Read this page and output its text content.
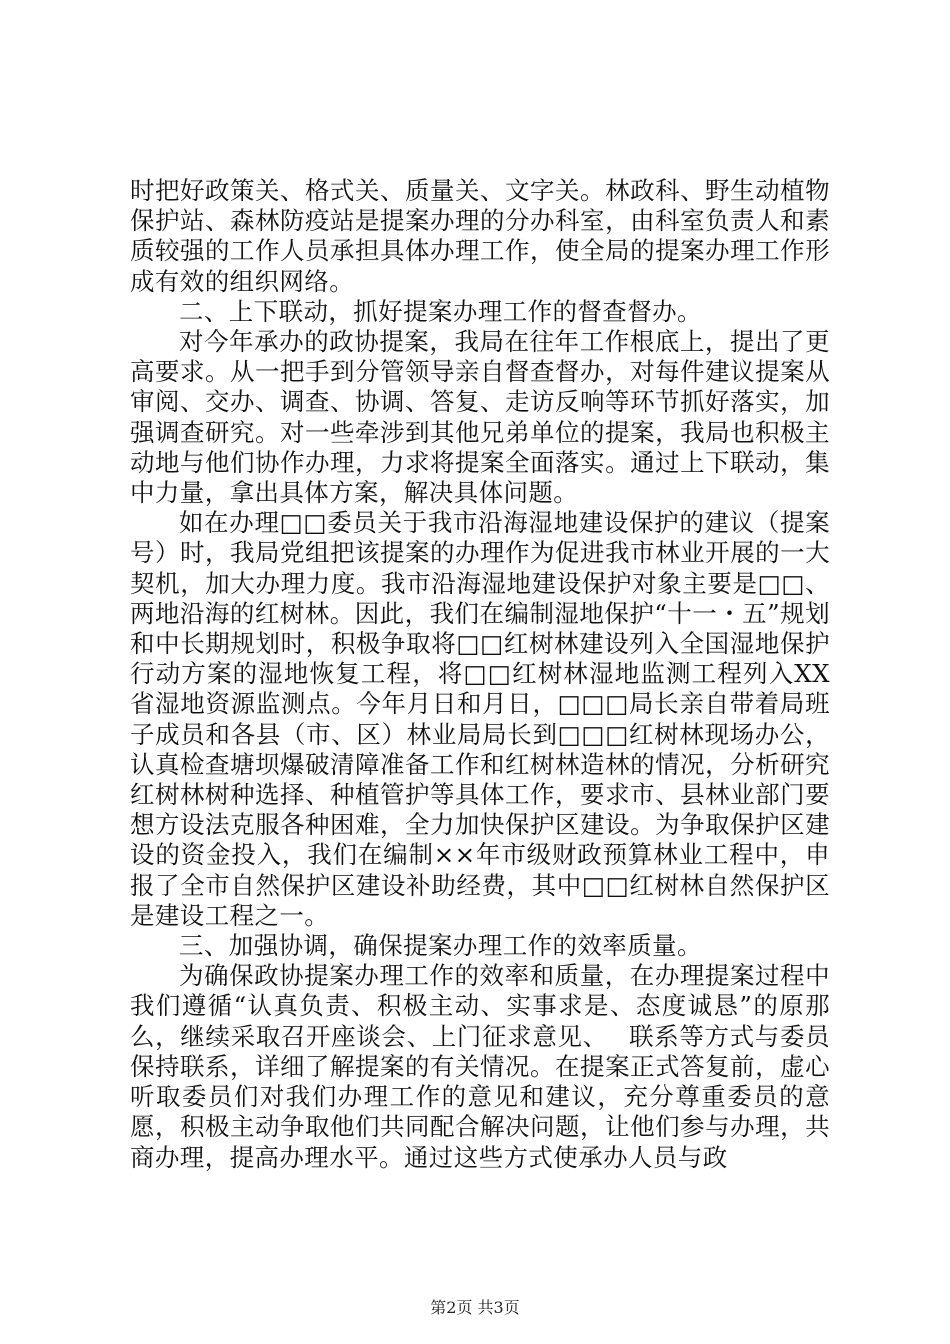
时把好政策关、格式关、质量关、文字关。林政科、野生动植物保护站、森林防疫站是提案办理的分办科室，由科室负责人和素质较强的工作人员承担具体办理工作，使全局的提案办理工作形成有效的组织网络。

二、上下联动，抓好提案办理工作的督查督办。

对今年承办的政协提案，我局在往年工作根底上，提出了更高要求。从一把手到分管领导亲自督查督办，对每件建议提案从审阅、交办、调查、协调、答复、走访反响等环节抓好落实，加强调查研究。对一些牵涉到其他兄弟单位的提案，我局也积极主动地与他们协作办理，力求将提案全面落实。通过上下联动，集中力量，拿出具体方案，解决具体问题。

如在办理□□委员关于我市沿海湿地建设保护的建议（提案号）时，我局党组把该提案的办理作为促进我市林业开展的一大契机，加大办理力度。我市沿海湿地建设保护对象主要是□□、两地沿海的红树林。因此，我们在编制湿地保护“十一・五”规划和中长期规划时，积极争取将□□红树林建设列入全国湿地保护行动方案的湿地恢复工程，将□□红树林湿地监测工程列入XX省湿地资源监测点。今年月日和月日，□□□局长亲自带着局班子成员和各县（市、区）林业局局长到□□□红树林现场办公，认真检查塘坝爆破清障准备工作和红树林造林的情况，分析研究红树林树种选择、种植管护等具体工作，要求市、县林业部门要想方设法克服各种困难，全力加快保护区建设。为争取保护区建设的资金投入，我们在编制××年市级财政预算林业工程中，申报了全市自然保护区建设补助经费，其中□□红树林自然保护区是建设工程之一。

三、加强协调，确保提案办理工作的效率质量。

为确保政协提案办理工作的效率和质量，在办理提案过程中我们遵循“认真负责、积极主动、实事求是、态度诚恳”的原那么，继续采取召开座谈会、上门征求意见、　 联系等方式与委员保持联系，详细了解提案的有关情况。在提案正式答复前，虚心听取委员们对我们办理工作的意见和建议，充分尊重委员的意愿，积极主动争取他们共同配合解决问题，让他们参与办理，共商办理，提高办理水平。通过这些方式使承办人员与政

第2页 共3页
